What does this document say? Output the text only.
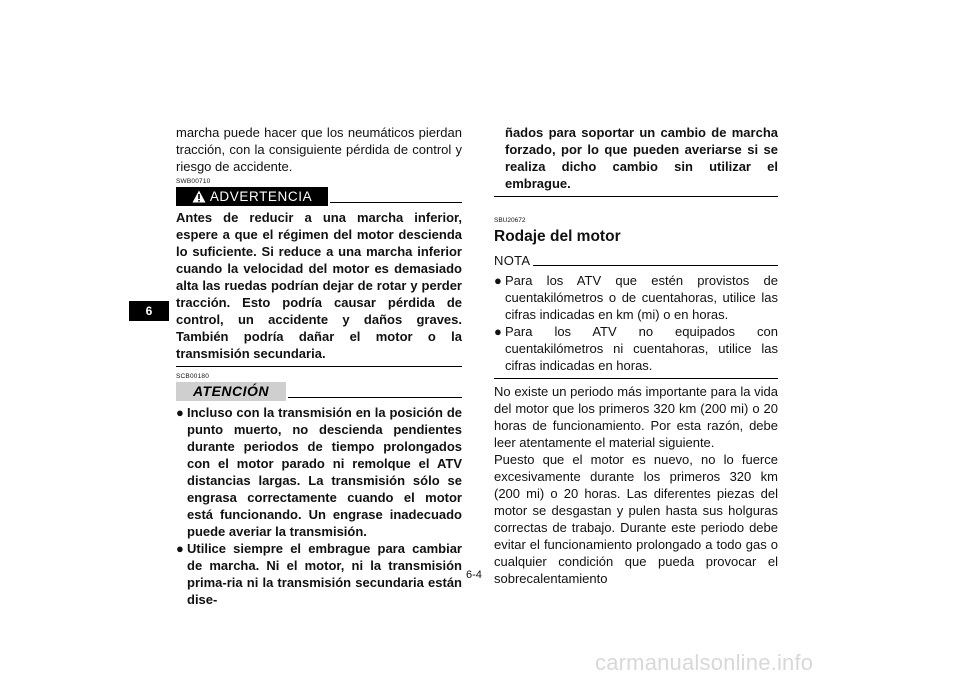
6

marcha puede hacer que los neumáticos pierdan tracción, con la consiguiente pérdida de control y riesgo de accidente.

SWB00710
ADVERTENCIA

Antes de reducir a una marcha inferior, espere a que el régimen del motor descienda lo suficiente. Si reduce a una marcha inferior cuando la velocidad del motor es demasiado alta las ruedas podrían dejar de rotar y perder tracción. Esto podría causar pérdida de control, un accidente y daños graves. También podría dañar el motor o la transmisión secundaria.

SCB00180
ATENCIÓN
● Incluso con la transmisión en la posición de punto muerto, no descienda pendientes durante periodos de tiempo prolongados con el motor parado ni remolque el ATV distancias largas. La transmisión sólo se engrasa correctamente cuando el motor está funcionando. Un engrase inadecuado puede averiar la transmisión.
● Utilice siempre el embrague para cambiar de marcha. Ni el motor, ni la transmisión prima-ria ni la transmisión secundaria están dise-

ñados para soportar un cambio de marcha forzado, por lo que pueden averiarse si se realiza dicho cambio sin utilizar el embrague.

SBU20672
Rodaje del motor
NOTA
● Para los ATV que estén provistos de cuentakilómetros o de cuentahoras, utilice las cifras indicadas en km (mi) o en horas.
● Para los ATV no equipados con cuentakilómetros ni cuentahoras, utilice las cifras indicadas en horas.

No existe un periodo más importante para la vida del motor que los primeros 320 km (200 mi) o 20 horas de funcionamiento. Por esta razón, debe leer atentamente el material siguiente.

Puesto que el motor es nuevo, no lo fuerce excesivamente durante los primeros 320 km (200 mi) o 20 horas. Las diferentes piezas del motor se desgastan y pulen hasta sus holguras correctas de trabajo. Durante este periodo debe evitar el funcionamiento prolongado a todo gas o cualquier condición que pueda provocar el sobrecalentamiento

6-4
carmanualsonline.info
